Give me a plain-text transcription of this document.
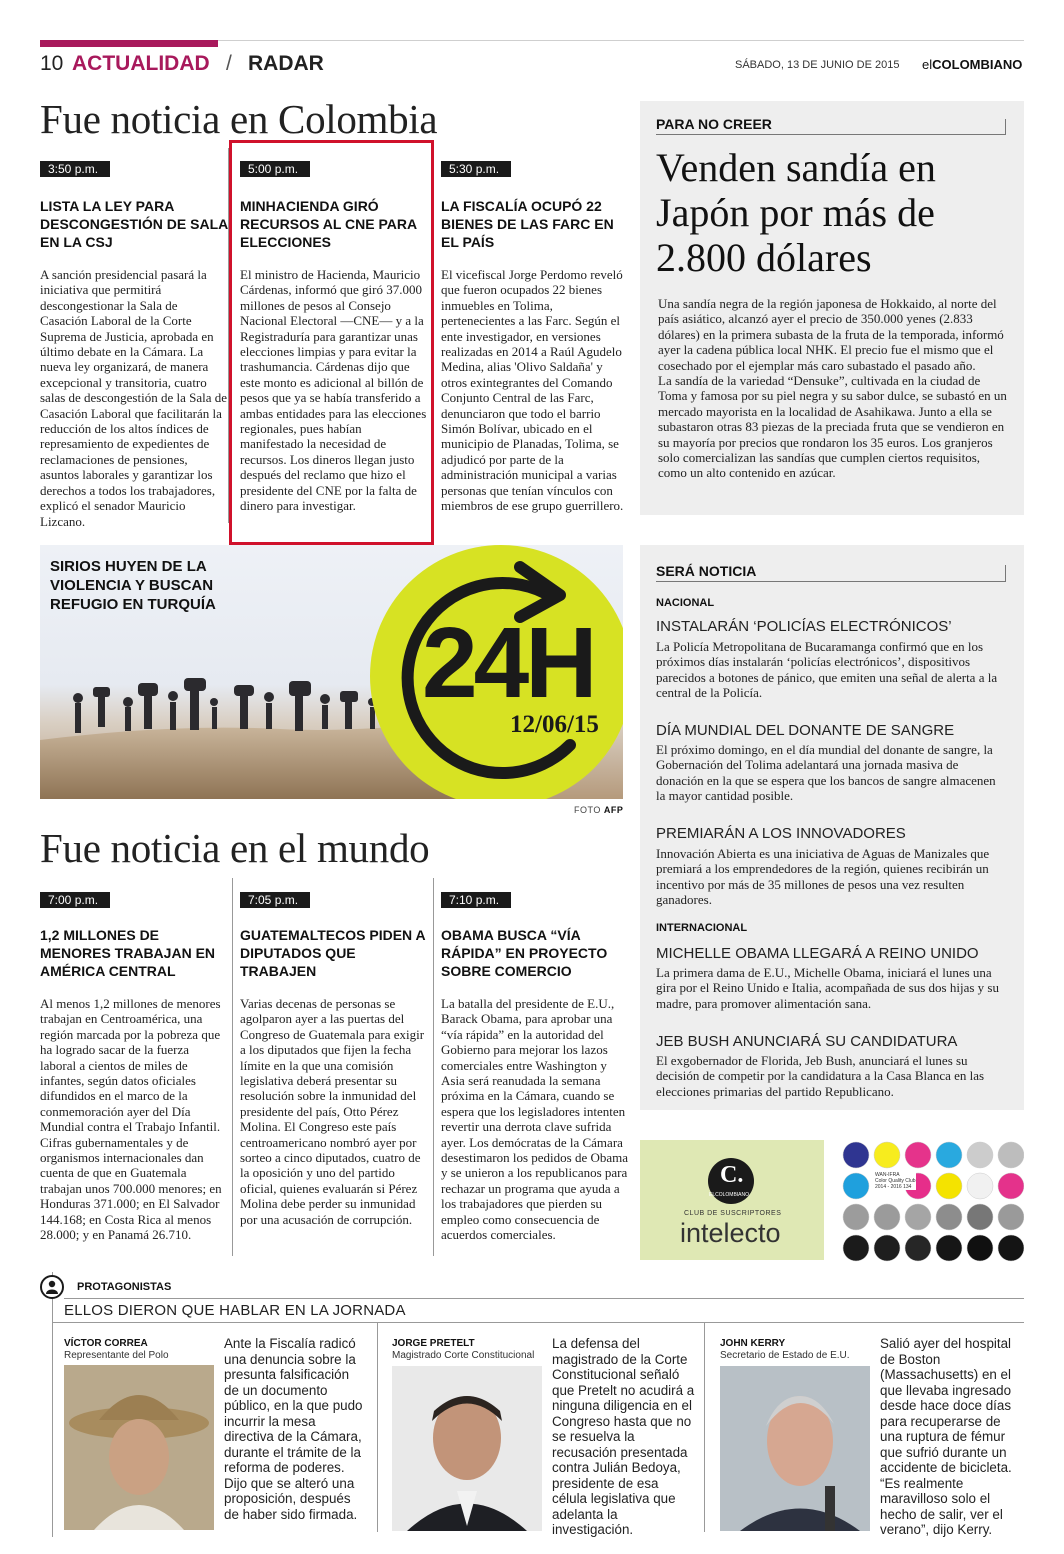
10 ACTUALIDAD / RADAR	SÁBADO, 13 DE JUNIO DE 2015 elCOLOMBIANO
Fue noticia en Colombia
3:50 p.m.
LISTA LA LEY PARA DESCONGESTIÓN DE SALA EN LA CSJ
A sanción presidencial pasará la iniciativa que permitirá descongestionar la Sala de Casación Laboral de la Corte Suprema de Justicia, aprobada en último debate en la Cámara. La nueva ley organizará, de manera excepcional y transitoria, cuatro salas de descongestión de la Sala de Casación Laboral que facilitarán la reducción de los altos índices de represamiento de expedientes de reclamaciones de pensiones, asuntos laborales y garantizar los derechos a todos los trabajadores, explicó el senador Mauricio Lizcano.
5:00 p.m.
MINHACIENDA GIRÓ RECURSOS AL CNE PARA ELECCIONES
El ministro de Hacienda, Mauricio Cárdenas, informó que giró 37.000 millones de pesos al Consejo Nacional Electoral —CNE— y a la Registraduría para garantizar unas elecciones limpias y para evitar la trashumancia. Cárdenas dijo que este monto es adicional al billón de pesos que ya se había transferido a ambas entidades para las elecciones regionales, pues habían manifestado la necesidad de recursos. Los dineros llegan justo después del reclamo que hizo el presidente del CNE por la falta de dinero para investigar.
5:30 p.m.
LA FISCALÍA OCUPÓ 22 BIENES DE LAS FARC EN EL PAÍS
El vicefiscal Jorge Perdomo reveló que fueron ocupados 22 bienes inmuebles en Tolima, pertenecientes a las Farc. Según el ente investigador, en versiones realizadas en 2014 a Raúl Agudelo Medina, alias 'Olivo Saldaña' y otros exintegrantes del Comando Conjunto Central de las Farc, denunciaron que todo el barrio Simón Bolívar, ubicado en el municipio de Planadas, Tolima, se adjudicó por parte de la administración municipal a varias personas que tenían vínculos con miembros de ese grupo guerrillero.
PARA NO CREER
Venden sandía en Japón por más de 2.800 dólares
Una sandía negra de la región japonesa de Hokkaido, al norte del país asiático, alcanzó ayer el precio de 350.000 yenes (2.833 dólares) en la primera subasta de la fruta de la temporada, informó ayer la cadena pública local NHK. El precio fue el mismo que el cosechado por el ejemplar más caro subastado el pasado año.
La sandía de la variedad “Densuke”, cultivada en la ciudad de Toma y famosa por su piel negra y su sabor dulce, se subastó en un mercado mayorista en la localidad de Asahikawa. Junto a ella se subastaron otras 83 piezas de la preciada fruta que se vendieron en su mayoría por precios que rondaron los 35 euros. Los granjeros solo comercializan las sandías que cumplen ciertos requisitos, como un alto contenido en azúcar.
SIRIOS HUYEN DE LA VIOLENCIA Y BUSCAN REFUGIO EN TURQUÍA
24H
12/06/15
FOTO AFP
SERÁ NOTICIA
NACIONAL
INSTALARÁN ‘POLICÍAS ELECTRÓNICOS’
La Policía Metropolitana de Bucaramanga confirmó que en los próximos días instalarán ‘policías electrónicos’, dispositivos parecidos a botones de pánico, que emiten una señal de alerta a la central de la Policía.
DÍA MUNDIAL DEL DONANTE DE SANGRE
El próximo domingo, en el día mundial del donante de sangre, la Gobernación del Tolima adelantará una jornada masiva de donación en la que se espera que los bancos de sangre almacenen la mayor cantidad posible.
PREMIARÁN A LOS INNOVADORES
Innovación Abierta es una iniciativa de Aguas de Manizales que premiará a los emprendedores de la región, quienes recibirán un incentivo por más de 35 millones de pesos una vez resulten ganadores.
INTERNACIONAL
MICHELLE OBAMA LLEGARÁ A REINO UNIDO
La primera dama de E.U., Michelle Obama, iniciará el lunes una gira por el Reino Unido e Italia, acompañada de sus dos hijas y su madre, para promover alimentación sana.
JEB BUSH ANUNCIARÁ SU CANDIDATURA
El exgobernador de Florida, Jeb Bush, anunciará el lunes su decisión de competir por la candidatura a la Casa Blanca en las elecciones primarias del partido Republicano.
Fue noticia en el mundo
7:00 p.m.
1,2 MILLONES DE MENORES TRABAJAN EN AMÉRICA CENTRAL
Al menos 1,2 millones de menores trabajan en Centroamérica, una región marcada por la pobreza que ha logrado sacar de la fuerza laboral a cientos de miles de infantes, según datos oficiales difundidos en el marco de la conmemoración ayer del Día Mundial contra el Trabajo Infantil. Cifras gubernamentales y de organismos internacionales dan cuenta de que en Guatemala trabajan unos 700.000 menores; en Honduras 371.000; en El Salvador 144.168; en Costa Rica al menos 28.000; y en Panamá 26.710.
7:05 p.m.
GUATEMALTECOS PIDEN A DIPUTADOS QUE TRABAJEN
Varias decenas de personas se agolparon ayer a las puertas del Congreso de Guatemala para exigir a los diputados que fijen la fecha límite en la que una comisión legislativa deberá presentar su resolución sobre la inmunidad del presidente del país, Otto Pérez Molina. El Congreso este país centroamericano nombró ayer por sorteo a cinco diputados, cuatro de la oposición y uno del partido oficial, quienes evaluarán si Pérez Molina debe perder su inmunidad por una acusación de corrupción.
7:10 p.m.
OBAMA BUSCA “VÍA RÁPIDA” EN PROYECTO SOBRE COMERCIO
La batalla del presidente de E.U., Barack Obama, para aprobar una “vía rápida” en la autoridad del Gobierno para mejorar los lazos comerciales entre Washington y Asia será reanudada la semana próxima en la Cámara, cuando se espera que los legisladores intenten revertir una derrota clave sufrida ayer. Los demócratas de la Cámara desestimaron los pedidos de Obama y se unieron a los republicanos para rechazar un programa que ayuda a los trabajadores que pierden su empleo como consecuencia de acuerdos comerciales.
C.
ELCOLOMBIANO
CLUB DE SUSCRIPTORES
intelecto
WAN-IFRA
Color Quality Club
2014 - 2016 134
PROTAGONISTAS
ELLOS DIERON QUE HABLAR EN LA JORNADA
VÍCTOR CORREA
Representante del Polo
Ante la Fiscalía radicó una denuncia sobre la presunta falsificación de un documento público, en la que pudo incurrir la mesa directiva de la Cámara, durante el trámite de la reforma de poderes. Dijo que se alteró una proposición, después de haber sido firmada.
JORGE PRETELT
Magistrado Corte Constitucional
La defensa del magistrado de la Corte Constitucional señaló que Pretelt no acudirá a ninguna diligencia en el Congreso hasta que no se resuelva la recusación presentada contra Julián Bedoya, presidente de esa célula legislativa que adelanta la investigación.
JOHN KERRY
Secretario de Estado de E.U.
Salió ayer del hospital de Boston (Massachusetts) en el que llevaba ingresado desde hace doce días para recuperarse de una ruptura de fémur que sufrió durante un accidente de bicicleta. “Es realmente maravilloso solo el hecho de salir, ver el verano”, dijo Kerry.
